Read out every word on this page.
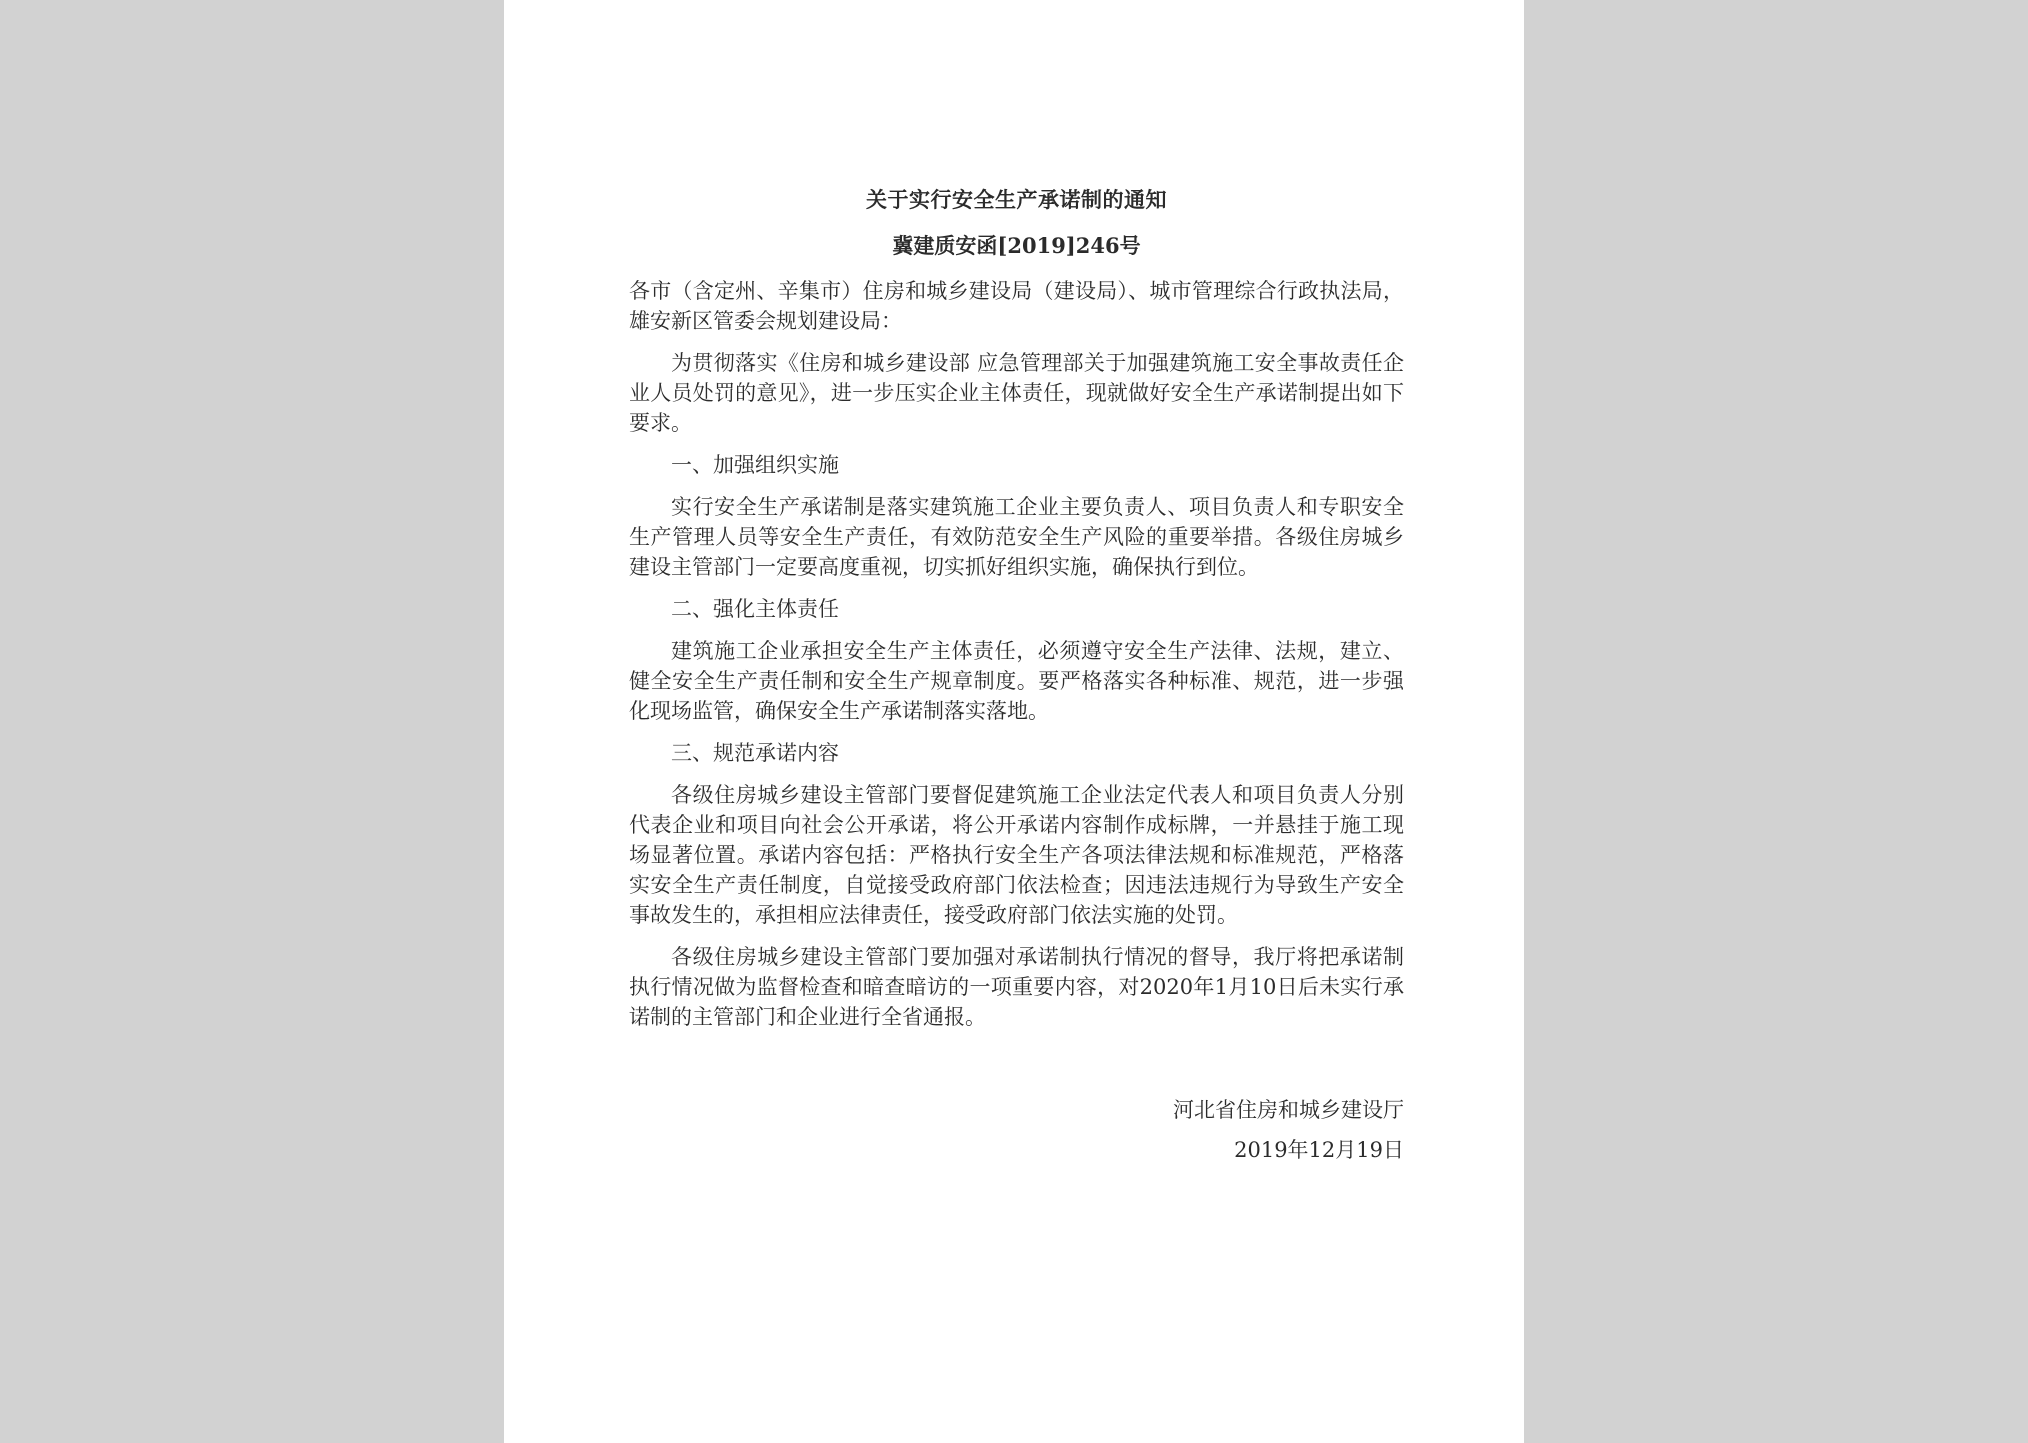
关于实行安全生产承诺制的通知
冀建质安函[2019]246号

各市（含定州、辛集市）住房和城乡建设局（建设局）、城市管理综合行政执法局，雄安新区管委会规划建设局：

为贯彻落实《住房和城乡建设部 应急管理部关于加强建筑施工安全事故责任企业人员处罚的意见》，进一步压实企业主体责任，现就做好安全生产承诺制提出如下要求。

一、加强组织实施

实行安全生产承诺制是落实建筑施工企业主要负责人、项目负责人和专职安全生产管理人员等安全生产责任，有效防范安全生产风险的重要举措。各级住房城乡建设主管部门一定要高度重视，切实抓好组织实施，确保执行到位。

二、强化主体责任

建筑施工企业承担安全生产主体责任，必须遵守安全生产法律、法规，建立、健全安全生产责任制和安全生产规章制度。要严格落实各种标准、规范，进一步强化现场监管，确保安全生产承诺制落实落地。

三、规范承诺内容

各级住房城乡建设主管部门要督促建筑施工企业法定代表人和项目负责人分别代表企业和项目向社会公开承诺，将公开承诺内容制作成标牌，一并悬挂于施工现场显著位置。承诺内容包括：严格执行安全生产各项法律法规和标准规范，严格落实安全生产责任制度，自觉接受政府部门依法检查；因违法违规行为导致生产安全事故发生的，承担相应法律责任，接受政府部门依法实施的处罚。

各级住房城乡建设主管部门要加强对承诺制执行情况的督导，我厅将把承诺制执行情况做为监督检查和暗查暗访的一项重要内容，对2020年1月10日后未实行承诺制的主管部门和企业进行全省通报。

河北省住房和城乡建设厅
2019年12月19日
